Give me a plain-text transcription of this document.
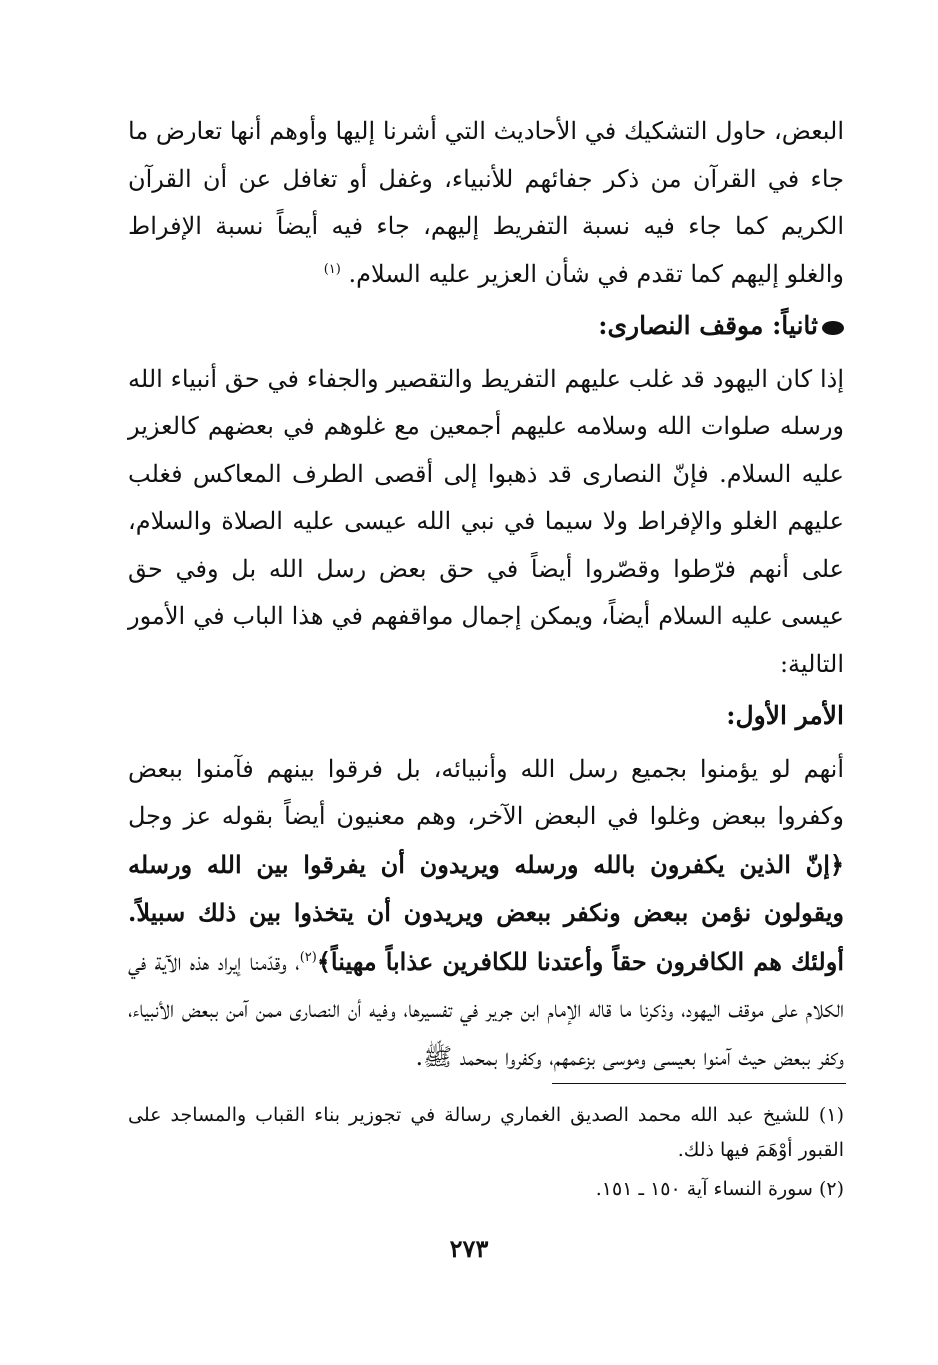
البعض، حاول التشكيك في الأحاديث التي أشرنا إليها وأوهم أنها تعارض ما جاء في القرآن من ذكر جفائهم للأنبياء، وغفل أو تغافل عن أن القرآن الكريم كما جاء فيه نسبة التفريط إليهم، جاء فيه أيضاً نسبة الإفراط والغلو إليهم كما تقدم في شأن العزير عليه السلام. $^{(١)}$

ثانياً: موقف النصارى:

إذا كان اليهود قد غلب عليهم التفريط والتقصير والجفاء في حق أنبياء الله ورسله صلوات الله وسلامه عليهم أجمعين مع غلوهم في بعضهم كالعزير عليه السلام. فإنّ النصارى قد ذهبوا إلى أقصى الطرف المعاكس فغلب عليهم الغلو والإفراط ولا سيما في نبي الله عيسى عليه الصلاة والسلام، على أنهم فرّطوا وقصّروا أيضاً في حق بعض رسل الله بل وفي حق عيسى عليه السلام أيضاً، ويمكن إجمال مواقفهم في هذا الباب في الأمور التالية:

الأمر الأول:

أنهم لو يؤمنوا بجميع رسل الله وأنبيائه، بل فرقوا بينهم فآمنوا ببعض وكفروا ببعض وغلوا في البعض الآخر، وهم معنيون أيضاً بقوله عز وجل ﴿إنّ الذين يكفرون بالله ورسله ويريدون أن يفرقوا بين الله ورسله ويقولون نؤمن ببعض ونكفر ببعض ويريدون أن يتخذوا بين ذلك سبيلاً. أولئك هم الكافرون حقاً وأعتدنا للكافرين عذاباً مهيناً﴾$^{(٢)}$، وقدّمنا إيراد هذه الآية في الكلام على موقف اليهود، وذكرنا ما قاله الإمام ابن جرير في تفسيرها، وفيه أن النصارى ممن آمن ببعض الأنبياء، وكفر ببعض حيث آمنوا بعيسى وموسى بزعمهم، وكفروا بمحمد ﷺ.

(١) للشيخ عبد الله محمد الصديق الغماري رسالة في تجوزير بناء القباب والمساجد على القبور أوْهَمَ فيها ذلك.

(٢) سورة النساء آية ١٥٠ ـ ١٥١.

٢٧٣
